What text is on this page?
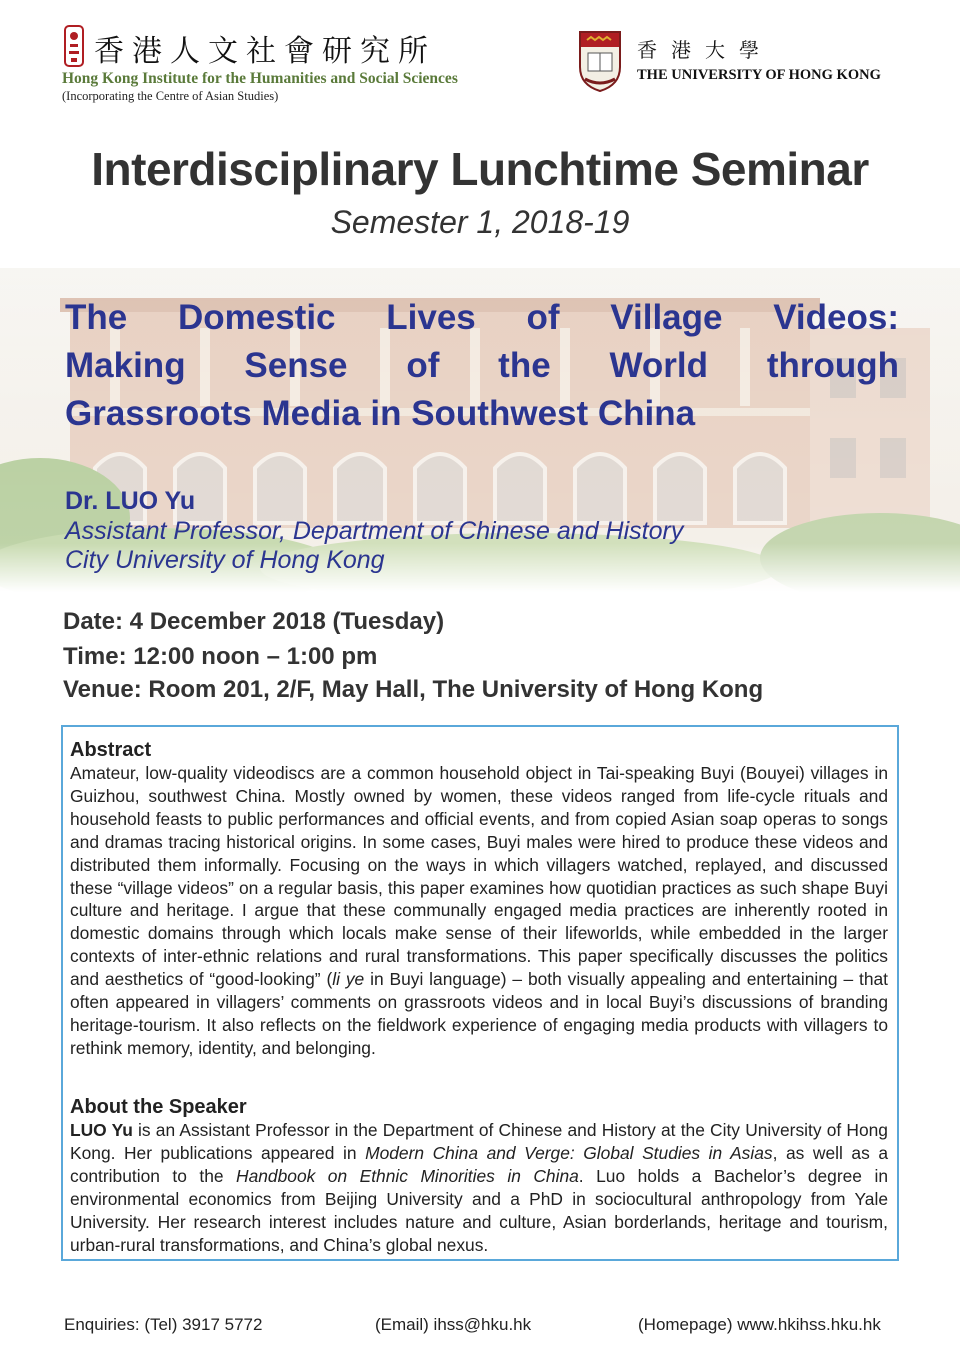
香港人文社會研究所
Hong Kong Institute for the Humanities and Social Sciences
(Incorporating the Centre of Asian Studies)
香港大學
THE UNIVERSITY OF HONG KONG
Interdisciplinary Lunchtime Seminar
Semester 1, 2018-19
The Domestic Lives of Village Videos:
Making Sense of the World through
Grassroots Media in Southwest China
Dr. LUO Yu
Assistant Professor, Department of Chinese and History
City University of Hong Kong
Date: 4 December 2018 (Tuesday)
Time: 12:00 noon – 1:00 pm
Venue: Room 201, 2/F, May Hall, The University of Hong Kong
Abstract
Amateur, low-quality videodiscs are a common household object in Tai-speaking Buyi (Bouyei) villages in Guizhou, southwest China. Mostly owned by women, these videos ranged from life-cycle rituals and household feasts to public performances and official events, and from copied Asian soap operas to songs and dramas tracing historical origins. In some cases, Buyi males were hired to produce these videos and distributed them informally. Focusing on the ways in which villagers watched, replayed, and discussed these “village videos” on a regular basis, this paper examines how quotidian practices as such shape Buyi culture and heritage. I argue that these communally engaged media practices are inherently rooted in domestic domains through which locals make sense of their lifeworlds, while embedded in the larger contexts of inter-ethnic relations and rural transformations. This paper specifically discusses the politics and aesthetics of “good-looking” (li ye in Buyi language) – both visually appealing and entertaining – that often appeared in villagers’ comments on grassroots videos and in local Buyi’s discussions of branding heritage-tourism. It also reflects on the fieldwork experience of engaging media products with villagers to rethink memory, identity, and belonging.
About the Speaker
LUO Yu is an Assistant Professor in the Department of Chinese and History at the City University of Hong Kong. Her publications appeared in Modern China and Verge: Global Studies in Asias, as well as a contribution to the Handbook on Ethnic Minorities in China. Luo holds a Bachelor’s degree in environmental economics from Beijing University and a PhD in sociocultural anthropology from Yale University. Her research interest includes nature and culture, Asian borderlands, heritage and tourism, urban-rural transformations, and China’s global nexus.
Enquiries: (Tel) 3917 5772	(Email) ihss@hku.hk	(Homepage) www.hkihss.hku.hk
